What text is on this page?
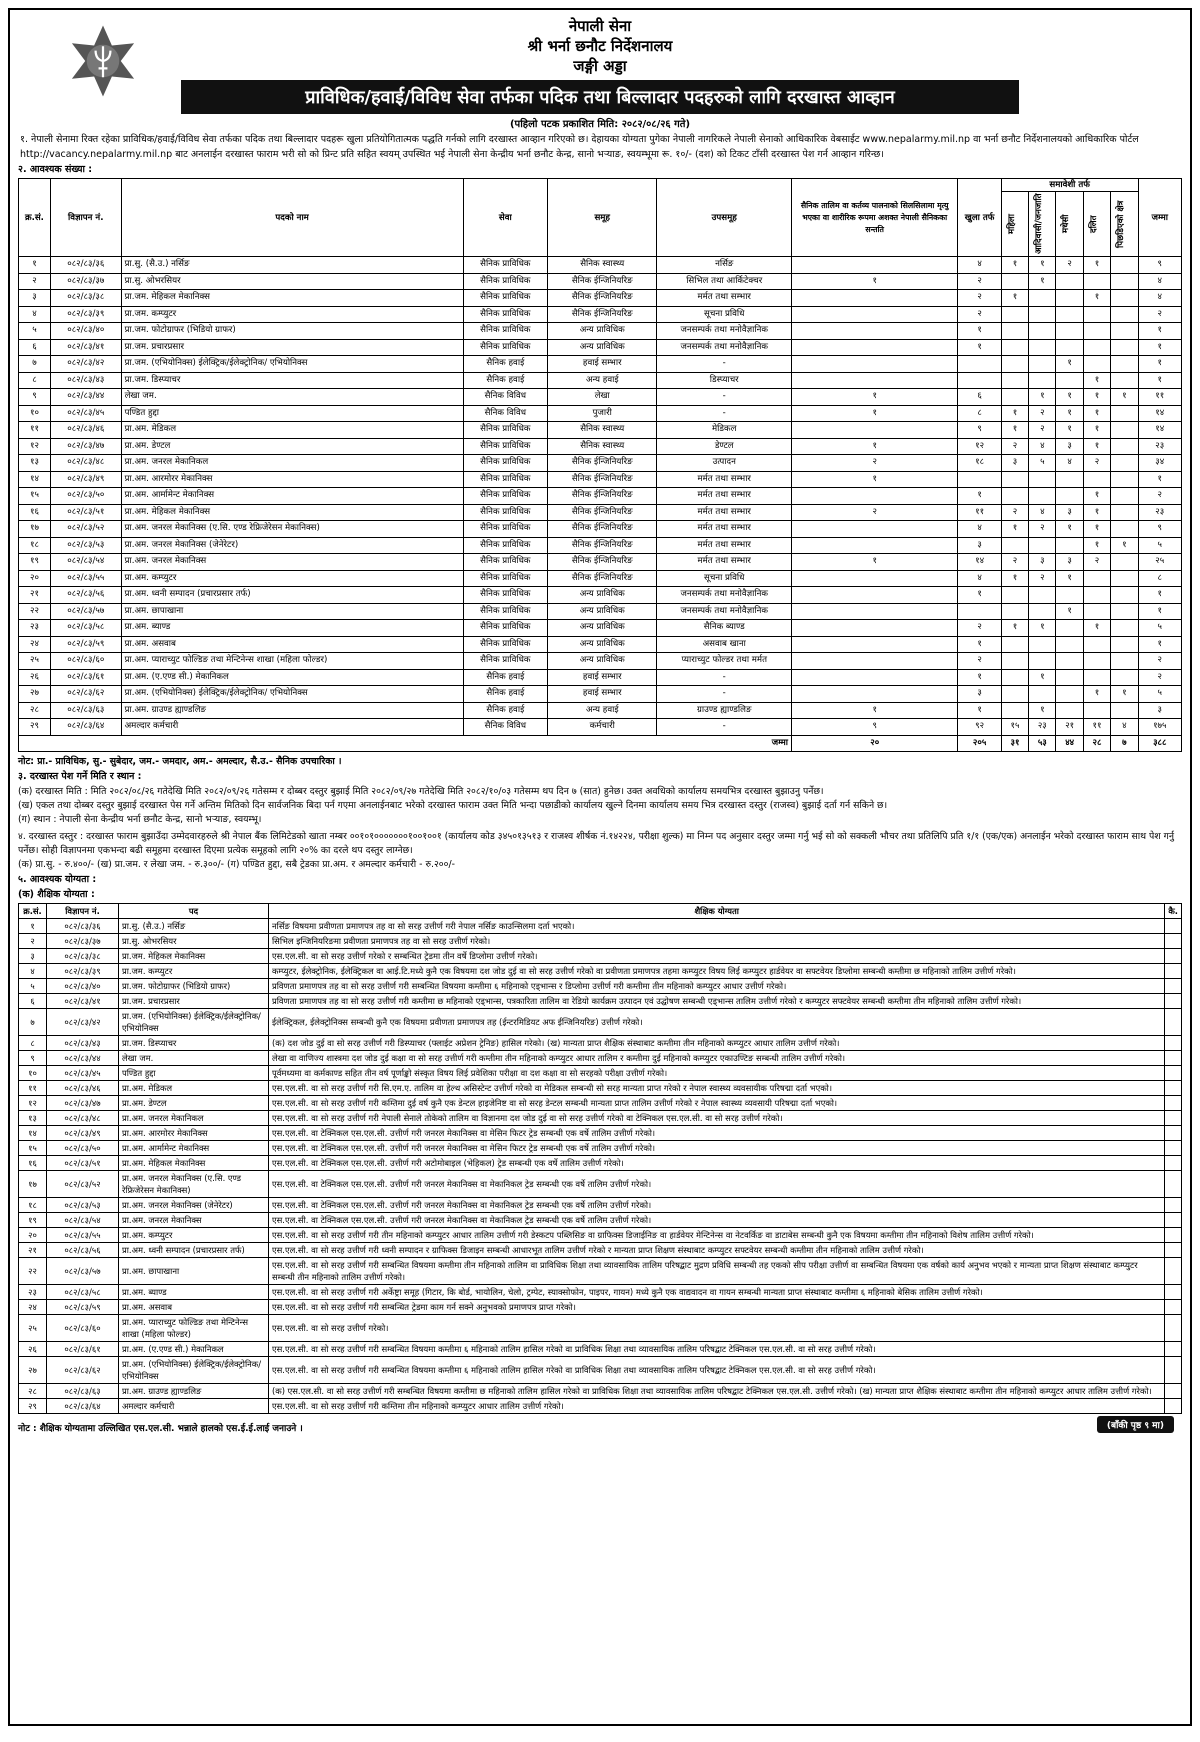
नेपाली सेना
श्री भर्ना छनौट निर्देशनालय
जङ्गी अड्डा
प्राविधिक/हवाई/विविध सेवा तर्फका पदिक तथा बिल्लादार पदहरुको लागि दरखास्त आव्हान
(पहिलो पटक प्रकाशित मिति: २०८२/०८/२६ गते)
१. नेपाली सेनामा रिक्त रहेका प्राविधिक/हवाई/विविध सेवा तर्फका पदिक तथा बिल्लादार पदहरू खुला प्रतियोगितात्मक पद्धति गर्नको लागि दरखास्त आव्हान गरिएको छ। देहायका योग्यता पुगेका नेपाली नागरिकले नेपाली सेनाको आधिकारिक वेबसाईट www.nepalarmy.mil.np वा भर्ना छनौट निर्देशनालयको आधिकारिक पोर्टल http://vacancy.nepalarmy.mil.np बाट अनलाईन दरखास्त फाराम भरी सो को प्रिन्ट प्रति सहित स्वयम् उपस्थित भई नेपाली सेना केन्द्रीय भर्ना छनौट केन्द्र, सानो भऱ्याङ, स्वयम्भूमा रू. १०/- (दश) को टिकट टाँसी दरखास्त पेश गर्न आव्हान गरिन्छ।
२. आवश्यक संख्या :
क्र.सं.	विज्ञापन नं.	पदको नाम	सेवा	समूह	उपसमूह	सैनिक तालिम वा कर्तव्य पालनाको सिलसिलामा मृत्यु भएका वा शारीरिक रूपमा अशक्त नेपाली सैनिकका सन्तति	खुला तर्फ	समावेशी तर्फ					जम्मा

								महिला	आदिवासी/जनजाति	मधेसी	दलित	पिछडिएको क्षेत्र	

१	०८२/८३/३६	प्रा.सु. (सै.उ.) नर्सिङ	सैनिक प्राविधिक	सैनिक स्वास्थ्य	नर्सिङ		४	१	१	२	१		९
२	०८२/८३/३७	प्रा.सु. ओभरसियर	सैनिक प्राविधिक	सैनिक ईन्जिनियरिङ	सिभिल तथा आर्किटेक्चर	१	२		१				४
३	०८२/८३/३८	प्रा.जम. मेहिकल मेकानिक्स	सैनिक प्राविधिक	सैनिक ईन्जिनियरिङ	मर्मत तथा सम्भार		२	१			१		४
४	०८२/८३/३९	प्रा.जम. कम्प्युटर	सैनिक प्राविधिक	सैनिक ईन्जिनियरिङ	सूचना प्रविधि		२						२
५	०८२/८३/४०	प्रा.जम. फोटोग्राफर (भिडियो ग्राफर)	सैनिक प्राविधिक	अन्य प्राविधिक	जनसम्पर्क तथा मनोवैज्ञानिक		१						१
६	०८२/८३/४१	प्रा.जम. प्रचारप्रसार	सैनिक प्राविधिक	अन्य प्राविधिक	जनसम्पर्क तथा मनोवैज्ञानिक		१						१
७	०८२/८३/४२	प्रा.जम. (एभियोनिक्स) ईलेक्ट्रिक/ईलेक्ट्रोनिक/ एभियोनिक्स	सैनिक हवाई	हवाई सम्भार	-					१			१
८	०८२/८३/४३	प्रा.जम. डिस्प्याचर	सैनिक हवाई	अन्य हवाई	डिस्प्याचर						१		१
९	०८२/८३/४४	लेखा जम.	सैनिक विविध	लेखा	-	१	६		१	१	१	१	११
१०	०८२/८३/४५	पण्डित हुद्दा	सैनिक विविध	पुजारी	-	१	८	१	२	१	१		१४
११	०८२/८३/४६	प्रा.अम. मेडिकल	सैनिक प्राविधिक	सैनिक स्वास्थ्य	मेडिकल		९	१	२	१	१		१४
१२	०८२/८३/४७	प्रा.अम. डेण्टल	सैनिक प्राविधिक	सैनिक स्वास्थ्य	डेण्टल	१	१२	२	४	३	१		२३
१३	०८२/८३/४८	प्रा.अम. जनरल मेकानिकल	सैनिक प्राविधिक	सैनिक ईन्जिनियरिङ	उत्पादन	२	१८	३	५	४	२		३४
१४	०८२/८३/४९	प्रा.अम. आरमोरर मेकानिक्स	सैनिक प्राविधिक	सैनिक ईन्जिनियरिङ	मर्मत तथा सम्भार	१							१
१५	०८२/८३/५०	प्रा.अम. आर्मामेन्ट मेकानिक्स	सैनिक प्राविधिक	सैनिक ईन्जिनियरिङ	मर्मत तथा सम्भार		१				१		२
१६	०८२/८३/५१	प्रा.अम. मेहिकल मेकानिक्स	सैनिक प्राविधिक	सैनिक ईन्जिनियरिङ	मर्मत तथा सम्भार	२	११	२	४	३	१		२३
१७	०८२/८३/५२	प्रा.अम. जनरल मेकानिक्स (ए.सि. एण्ड रेफ्रिजेरेसन मेकानिक्स)	सैनिक प्राविधिक	सैनिक ईन्जिनियरिङ	मर्मत तथा सम्भार		४	१	२	१	१		९
१८	०८२/८३/५३	प्रा.अम. जनरल मेकानिक्स (जेनेरेटर)	सैनिक प्राविधिक	सैनिक ईन्जिनियरिङ	मर्मत तथा सम्भार		३				१	१	५
१९	०८२/८३/५४	प्रा.अम. जनरल मेकानिक्स	सैनिक प्राविधिक	सैनिक ईन्जिनियरिङ	मर्मत तथा सम्भार	१	१४	२	३	३	२		२५
२०	०८२/८३/५५	प्रा.अम. कम्प्युटर	सैनिक प्राविधिक	सैनिक ईन्जिनियरिङ	सूचना प्रविधि		४	१	२	१			८
२१	०८२/८३/५६	प्रा.अम. ध्वनी सम्पादन (प्रचारप्रसार तर्फ)	सैनिक प्राविधिक	अन्य प्राविधिक	जनसम्पर्क तथा मनोवैज्ञानिक		१						१
२२	०८२/८३/५७	प्रा.अम. छापाखाना	सैनिक प्राविधिक	अन्य प्राविधिक	जनसम्पर्क तथा मनोवैज्ञानिक					१			१
२३	०८२/८३/५८	प्रा.अम. ब्याण्ड	सैनिक प्राविधिक	अन्य प्राविधिक	सैनिक ब्याण्ड		२	१	१		१		५
२४	०८२/८३/५९	प्रा.अम. असवाब	सैनिक प्राविधिक	अन्य प्राविधिक	असवाब खाना		१						१
२५	०८२/८३/६०	प्रा.अम. प्याराच्युट फोल्डिङ तथा मेन्टिनेन्स शाखा (महिला फोल्डर)	सैनिक प्राविधिक	अन्य प्राविधिक	प्याराच्युट फोल्डर तथा मर्मत		२						२
२६	०८२/८३/६१	प्रा.अम. (ए.एण्ड सी.) मेकानिकल	सैनिक हवाई	हवाई सम्भार	-		१		१				२
२७	०८२/८३/६२	प्रा.अम. (एभियोनिक्स) ईलेक्ट्रिक/ईलेक्ट्रोनिक/ एभियोनिक्स	सैनिक हवाई	हवाई सम्भार	-		३				१	१	५
२८	०८२/८३/६३	प्रा.अम. ग्राउण्ड ह्याण्डलिङ	सैनिक हवाई	अन्य हवाई	ग्राउण्ड ह्याण्डलिङ	१	१		१				३
२९	०८२/८३/६४	अमल्दार कर्मचारी	सैनिक विविध	कर्मचारी	-	९	९२	१५	२३	२१	११	४	१७५
जम्मा						२०	२०५	३१	५३	४४	२८	७	३८८
नोट: प्रा.- प्राविधिक, सु.- सुबेदार, जम.- जमदार, अम.- अमल्दार, सै.उ.- सैनिक उपचारिका ।
३. दरखास्त पेश गर्ने मिति र स्थान :
(क) दरखास्त मिति : मिति २०८२/०८/२६ गतेदेखि मिति २०८२/०९/२६ गतेसम्म र दोब्बर दस्तुर बुझाई मिति २०८२/०९/२७ गतेदेखि मिति २०८२/१०/०३ गतेसम्म थप दिन ७ (सात) हुनेछ। उक्त अवधिको कार्यालय समयभित्र दरखास्त बुझाउनु पर्नेछ।
(ख) एकल तथा दोब्बर दस्तुर बुझाई दरखास्त पेस गर्ने अन्तिम मितिको दिन सार्वजनिक बिदा पर्न गएमा अनलाईनबाट भरेको दरखास्त फाराम उक्त मिति भन्दा पछाडीको कार्यालय खुल्ने दिनमा कार्यालय समय भित्र दरखास्त दस्तुर (राजस्व) बुझाई दर्ता गर्न सकिने छ।
(ग) स्थान : नेपाली सेना केन्द्रीय भर्ना छनौट केन्द्र, सानो भऱ्याङ, स्वयम्भू।
४. दरखास्त दस्तुर : दरखास्त फाराम बुझाउँदा उम्मेदवारहरुले श्री नेपाल बैंक लिमिटेडको खाता नम्बर ००१०१०००००००१००१००१ (कार्यालय कोड ३४५०१३५१३ र राजश्व शीर्षक नं.१४२२४, परीक्षा शुल्क) मा निम्न पद अनुसार दस्तुर जम्मा गर्नु भई सो को सक्कली भौचर तथा प्रतिलिपि प्रति १/१ (एक/एक) अनलाईन भरेको दरखास्त फाराम साथ पेश गर्नु पर्नेछ। सोही विज्ञापनमा एकभन्दा बढी समूहमा दरखास्त दिएमा प्रत्येक समूहको लागि २०% का दरले थप दस्तुर लाग्नेछ।
(क) प्रा.सु. - रु.४००/- (ख) प्रा.जम. र लेखा जम. - रु.३००/- (ग) पण्डित हुद्दा, सबै ट्रेडका प्रा.अम. र अमल्दार कर्मचारी - रु.२००/-
५. आवश्यक योग्यता :
(क) शैक्षिक योग्यता :
क्र.सं.	विज्ञापन नं.	पद	शैक्षिक योग्यता	कै.
१	०८२/८३/३६	प्रा.सु. (सै.उ.) नर्सिङ	नर्सिङ विषयमा प्रवीणता प्रमाणपत्र तह वा सो सरह उत्तीर्ण गरी नेपाल नर्सिङ काउन्सिलमा दर्ता भएको।	
२	०८२/८३/३७	प्रा.सु. ओभरसियर	सिभिल इन्जिनियरिङमा प्रवीणता प्रमाणपत्र तह वा सो सरह उत्तीर्ण गरेको।	
३	०८२/८३/३८	प्रा.जम. मेहिकल मेकानिक्स	एस.एल.सी. वा सो सरह उत्तीर्ण गरेको र सम्बन्धित ट्रेडमा तीन वर्षे डिप्लोमा उत्तीर्ण गरेको।	
४	०८२/८३/३९	प्रा.जम. कम्प्युटर	कम्प्युटर, ईलेक्ट्रोनिक, ईलेक्ट्रिकल वा आई.टि.मध्ये कुनै एक विषयमा दश जोड दुई वा सो सरह उत्तीर्ण गरेको वा प्रवीणता प्रमाणपत्र तहमा कम्प्युटर विषय लिई कम्प्युटर हार्डवेयर वा सफ्टवेयर डिप्लोमा सम्बन्धी कम्तीमा छ महिनाको तालिम उत्तीर्ण गरेको।	
५	०८२/८३/४०	प्रा.जम. फोटोग्राफर (भिडियो ग्राफर)	प्रविणता प्रमाणपत्र तह वा सो सरह उत्तीर्ण गरी सम्बन्धित विषयमा कम्तीमा ६ महिनाको एड्भान्स र डिप्लोमा उत्तीर्ण गरी कम्तीमा तीन महिनाको कम्प्युटर आधार उत्तीर्ण गरेको।	
६	०८२/८३/४१	प्रा.जम. प्रचारप्रसार	प्रविणता प्रमाणपत्र तह वा सो सरह उत्तीर्ण गरी कम्तीमा छ महिनाको एड्भान्स, पत्रकारिता तालिम वा रेडियो कार्यक्रम उत्पादन एवं उद्घोषण सम्बन्धी एड्भान्स तालिम उत्तीर्ण गरेको र कम्प्युटर सफ्टवेयर सम्बन्धी कम्तीमा तीन महिनाको तालिम उत्तीर्ण गरेको।	
७	०८२/८३/४२	प्रा.जम. (एभियोनिक्स) ईलेक्ट्रिक/ईलेक्ट्रोनिक/ एभियोनिक्स	ईलेक्ट्रिकल, ईलेक्ट्रोनिक्स सम्बन्धी कुनै एक विषयमा प्रवीणता प्रमाणपत्र तह (ईन्टरमिडियट अफ ईन्जिनियरिङ) उत्तीर्ण गरेको।	
८	०८२/८३/४३	प्रा.जम. डिस्प्याचर	(क) दश जोड दुई वा सो सरह उत्तीर्ण गरी डिस्प्याचर (फ्लाईट अप्रेशन ट्रेनिङ) हासिल गरेको। (ख) मान्यता प्राप्त शैक्षिक संस्थाबाट कम्तीमा तीन महिनाको कम्प्युटर आधार तालिम उत्तीर्ण गरेको।	
९	०८२/८३/४४	लेखा जम.	लेखा वा वाणिज्य शास्त्रमा दश जोड दुई कक्षा वा सो सरह उत्तीर्ण गरी कम्तीमा तीन महिनाको कम्प्युटर आधार तालिम र कम्तीमा दुई महिनाको कम्प्युटर एकाउण्टिङ सम्बन्धी तालिम उत्तीर्ण गरेको।	
१०	०८२/८३/४५	पण्डित हुद्दा	पूर्वमध्यमा वा कर्मकाण्ड सहित तीन वर्ष पूर्णाङ्को संस्कृत विषय लिई प्रवेशिका परीक्षा वा दश कक्षा वा सो सरहको परीक्षा उत्तीर्ण गरेको।	
११	०८२/८३/४६	प्रा.अम. मेडिकल	एस.एल.सी. वा सो सरह उत्तीर्ण गरी सि.एम.ए. तालिम वा हेल्थ असिस्टेन्ट उत्तीर्ण गरेको वा मेडिकल सम्बन्धी सो सरह मान्यता प्राप्त गरेको र नेपाल स्वास्थ्य व्यवसायीक परिषद्मा दर्ता भएको।	
१२	०८२/८३/४७	प्रा.अम. डेण्टल	एस.एल.सी. वा सो सरह उत्तीर्ण गरी कम्तिमा दुई वर्ष कुनै एक डेन्टल हाइजेनिष्ट वा सो सरह डेन्टल सम्बन्धी मान्यता प्राप्त तालिम उत्तीर्ण गरेको र नेपाल स्वास्थ्य व्यवसायी परिषद्मा दर्ता भएको।	
१३	०८२/८३/४८	प्रा.अम. जनरल मेकानिकल	एस.एल.सी. वा सो सरह उत्तीर्ण गरी नेपाली सेनाले तोकेको तालिम वा विज्ञानमा दश जोड दुई वा सो सरह उत्तीर्ण गरेको वा टेक्निकल एस.एल.सी. वा सो सरह उत्तीर्ण गरेको।	
१४	०८२/८३/४९	प्रा.अम. आरमोरर मेकानिक्स	एस.एल.सी. वा टेक्निकल एस.एल.सी. उत्तीर्ण गरी जनरल मेकानिक्स वा मेसिन फिटर ट्रेड सम्बन्धी एक वर्षे तालिम उत्तीर्ण गरेको।	
१५	०८२/८३/५०	प्रा.अम. आर्मामेन्ट मेकानिक्स	एस.एल.सी. वा टेक्निकल एस.एल.सी. उत्तीर्ण गरी जनरल मेकानिक्स वा मेसिन फिटर ट्रेड सम्बन्धी एक वर्षे तालिम उत्तीर्ण गरेको।	
१६	०८२/८३/५१	प्रा.अम. मेहिकल मेकानिक्स	एस.एल.सी. वा टेक्निकल एस.एल.सी. उत्तीर्ण गरी अटोमोबाइल (भेहिकल) ट्रेड सम्बन्धी एक वर्षे तालिम उत्तीर्ण गरेको।	
१७	०८२/८३/५२	प्रा.अम. जनरल मेकानिक्स (ए.सि. एण्ड रेफ्रिजेरेसन मेकानिक्स)	एस.एल.सी. वा टेक्निकल एस.एल.सी. उत्तीर्ण गरी जनरल मेकानिक्स वा मेकानिकल ट्रेड सम्बन्धी एक वर्षे तालिम उत्तीर्ण गरेको।	
१८	०८२/८३/५३	प्रा.अम. जनरल मेकानिक्स (जेनेरेटर)	एस.एल.सी. वा टेक्निकल एस.एल.सी. उत्तीर्ण गरी जनरल मेकानिक्स वा मेकानिकल ट्रेड सम्बन्धी एक वर्षे तालिम उत्तीर्ण गरेको।	
१९	०८२/८३/५४	प्रा.अम. जनरल मेकानिक्स	एस.एल.सी. वा टेक्निकल एस.एल.सी. उत्तीर्ण गरी जनरल मेकानिक्स वा मेकानिकल ट्रेड सम्बन्धी एक वर्षे तालिम उत्तीर्ण गरेको।	
२०	०८२/८३/५५	प्रा.अम. कम्प्युटर	एस.एल.सी. वा सो सरह उत्तीर्ण गरी तीन महिनाको कम्प्युटर आधार तालिम उत्तीर्ण गरी डेस्कटप पब्लिसिङ वा ग्राफिक्स डिजाईनिङ वा हार्डवेयर मेन्टिनेन्स वा नेटवर्किङ वा डाटाबेस सम्बन्धी कुनै एक विषयमा कम्तीमा तीन महिनाको विशेष तालिम उत्तीर्ण गरेको।	
२१	०८२/८३/५६	प्रा.अम. ध्वनी सम्पादन (प्रचारप्रसार तर्फ)	एस.एल.सी. वा सो सरह उत्तीर्ण गरी ध्वनी सम्पादन र ग्राफिक्स डिजाइन सम्बन्धी आधारभूत तालिम उत्तीर्ण गरेको र मान्यता प्राप्त शिक्षण संस्थाबाट कम्प्युटर सफ्टवेयर सम्बन्धी कम्तीमा तीन महिनाको तालिम उत्तीर्ण गरेको।	
२२	०८२/८३/५७	प्रा.अम. छापाखाना	एस.एल.सी. वा सो सरह उत्तीर्ण गरी सम्बन्धित विषयमा कम्तीमा तीन महिनाको तालिम वा प्राविधिक शिक्षा तथा व्यावसायिक तालिम परिषद्बाट मुद्रण प्रविधि सम्बन्धी तह एकको सीप परीक्षा उत्तीर्ण वा सम्बन्धित विषयमा एक वर्षको कार्य अनुभव भएको र मान्यता प्राप्त शिक्षण संस्थाबाट कम्प्युटर सम्बन्धी तीन महिनाको तालिम उत्तीर्ण गरेको।	
२३	०८२/८३/५८	प्रा.अम. ब्याण्ड	एस.एल.सी. वा सो सरह उत्तीर्ण गरी अर्केष्ट्रा समूह (गिटार, कि बोर्ड, भायोलिन, चेलो, ट्रम्पेट, स्याक्सोफोन, पाइपर, गायन) मध्ये कुनै एक वाद्यवादन वा गायन सम्बन्धी मान्यता प्राप्त संस्थाबाट कम्तीमा ६ महिनाको बेसिक तालिम उत्तीर्ण गरेको।	
२४	०८२/८३/५९	प्रा.अम. असवाब	एस.एल.सी. वा सो सरह उत्तीर्ण गरी सम्बन्धित ट्रेडमा काम गर्न सक्ने अनुभवको प्रमाणपत्र प्राप्त गरेको।	
२५	०८२/८३/६०	प्रा.अम. प्याराच्युट फोल्डिङ तथा मेन्टिनेन्स शाखा (महिला फोल्डर)	एस.एल.सी. वा सो सरह उत्तीर्ण गरेको।	
२६	०८२/८३/६१	प्रा.अम. (ए.एण्ड सी.) मेकानिकल	एस.एल.सी. वा सो सरह उत्तीर्ण गरी सम्बन्धित विषयमा कम्तीमा ६ महिनाको तालिम हासिल गरेको वा प्राविधिक शिक्षा तथा व्यावसायिक तालिम परिषद्बाट टेक्निकल एस.एल.सी. वा सो सरह उत्तीर्ण गरेको।	
२७	०८२/८३/६२	प्रा.अम. (एभियोनिक्स) ईलेक्ट्रिक/ईलेक्ट्रोनिक/ एभियोनिक्स	एस.एल.सी. वा सो सरह उत्तीर्ण गरी सम्बन्धित विषयमा कम्तीमा ६ महिनाको तालिम हासिल गरेको वा प्राविधिक शिक्षा तथा व्यावसायिक तालिम परिषद्बाट टेक्निकल एस.एल.सी. वा सो सरह उत्तीर्ण गरेको।	
२८	०८२/८३/६३	प्रा.अम. ग्राउण्ड ह्याण्डलिङ	(क) एस.एल.सी. वा सो सरह उत्तीर्ण गरी सम्बन्धित विषयमा कम्तीमा छ महिनाको तालिम हासिल गरेको वा प्राविधिक शिक्षा तथा व्यावसायिक तालिम परिषद्बाट टेक्निकल एस.एल.सी. उत्तीर्ण गरेको। (ख) मान्यता प्राप्त शैक्षिक संस्थाबाट कम्तीमा तीन महिनाको कम्प्युटर आधार तालिम उत्तीर्ण गरेको।	
२९	०८२/८३/६४	अमल्दार कर्मचारी	एस.एल.सी. वा सो सरह उत्तीर्ण गरी कम्तिमा तीन महिनाको कम्प्युटर आधार तालिम उत्तीर्ण गरेको।	
नोट : शैक्षिक योग्यतामा उल्लिखित एस.एल.सी. भन्नाले हालको एस.ई.ई.लाई जनाउने ।	(बाँकी पृष्ठ ९ मा)
